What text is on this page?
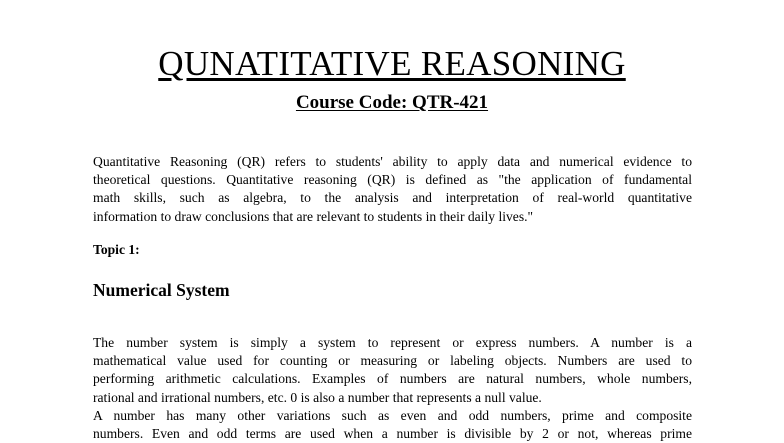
QUNATITATIVE REASONING
Course Code: QTR-421

Quantitative Reasoning (QR) refers to students' ability to apply data and numerical evidence to
theoretical questions. Quantitative reasoning (QR) is defined as "the application of fundamental
math skills, such as algebra, to the analysis and interpretation of real-world quantitative
information to draw conclusions that are relevant to students in their daily lives."

Topic 1:
Numerical System

The number system is simply a system to represent or express numbers. A number is a
mathematical value used for counting or measuring or labeling objects. Numbers are used to
performing arithmetic calculations. Examples of numbers are natural numbers, whole numbers,
rational and irrational numbers, etc. 0 is also a number that represents a null value.

A number has many other variations such as even and odd numbers, prime and composite
numbers. Even and odd terms are used when a number is divisible by 2 or not, whereas prime
